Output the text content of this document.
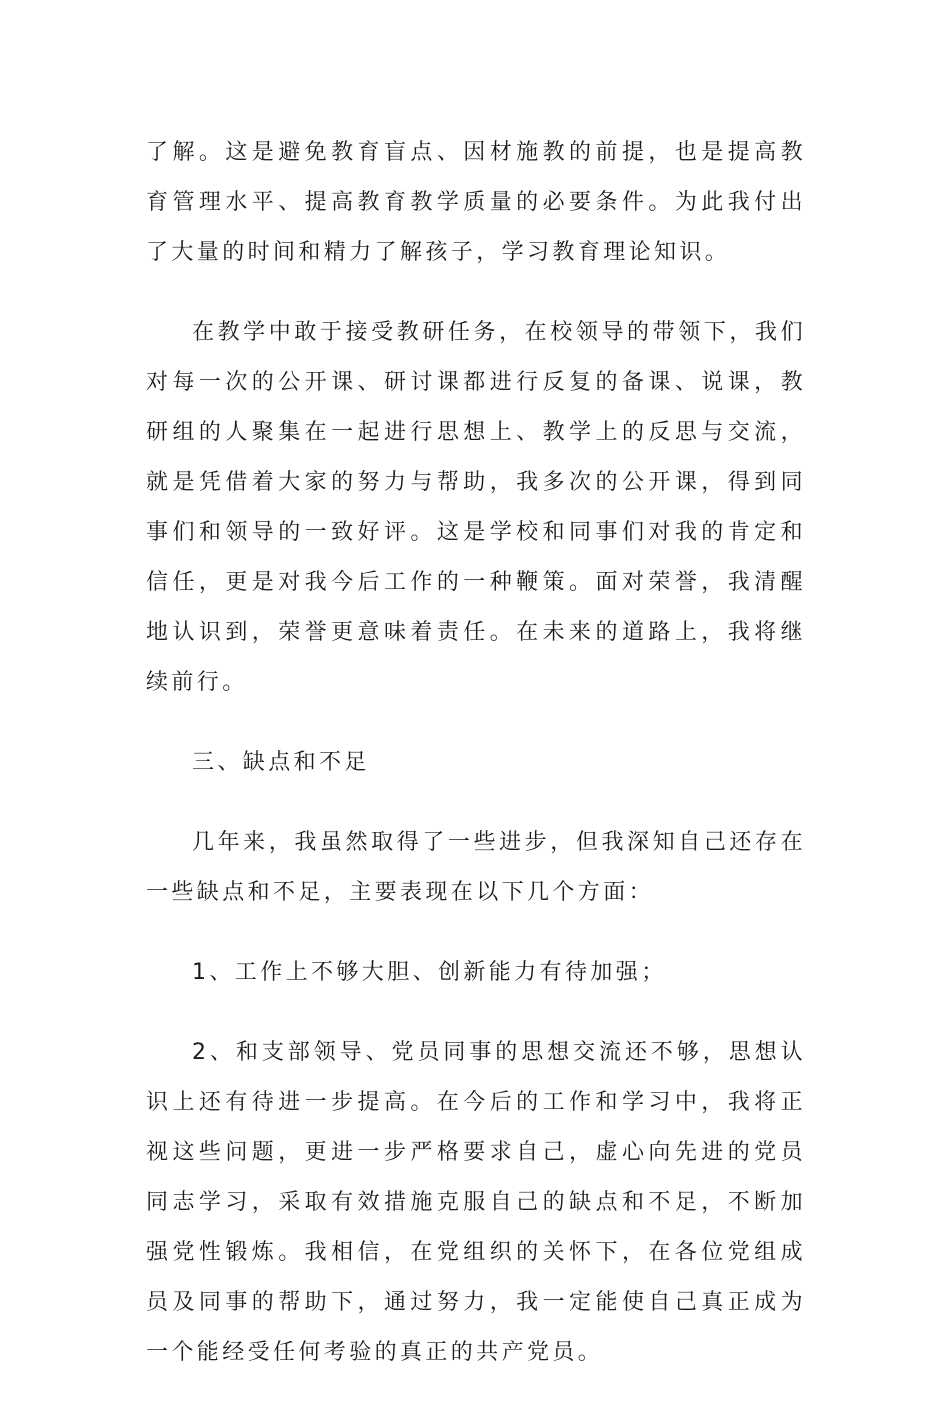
了解。这是避免教育盲点、因材施教的前提，也是提高教育管理水平、提高教育教学质量的必要条件。为此我付出了大量的时间和精力了解孩子，学习教育理论知识。

在教学中敢于接受教研任务，在校领导的带领下，我们对每一次的公开课、研讨课都进行反复的备课、说课，教研组的人聚集在一起进行思想上、教学上的反思与交流，就是凭借着大家的努力与帮助，我多次的公开课，得到同事们和领导的一致好评。这是学校和同事们对我的肯定和信任，更是对我今后工作的一种鞭策。面对荣誉，我清醒地认识到，荣誉更意味着责任。在未来的道路上，我将继续前行。

三、缺点和不足

几年来，我虽然取得了一些进步，但我深知自己还存在一些缺点和不足，主要表现在以下几个方面：

1、工作上不够大胆、创新能力有待加强；

2、和支部领导、党员同事的思想交流还不够，思想认识上还有待进一步提高。在今后的工作和学习中，我将正视这些问题，更进一步严格要求自己，虚心向先进的党员同志学习，采取有效措施克服自己的缺点和不足，不断加强党性锻炼。我相信，在党组织的关怀下，在各位党组成员及同事的帮助下，通过努力，我一定能使自己真正成为一个能经受任何考验的真正的共产党员。
